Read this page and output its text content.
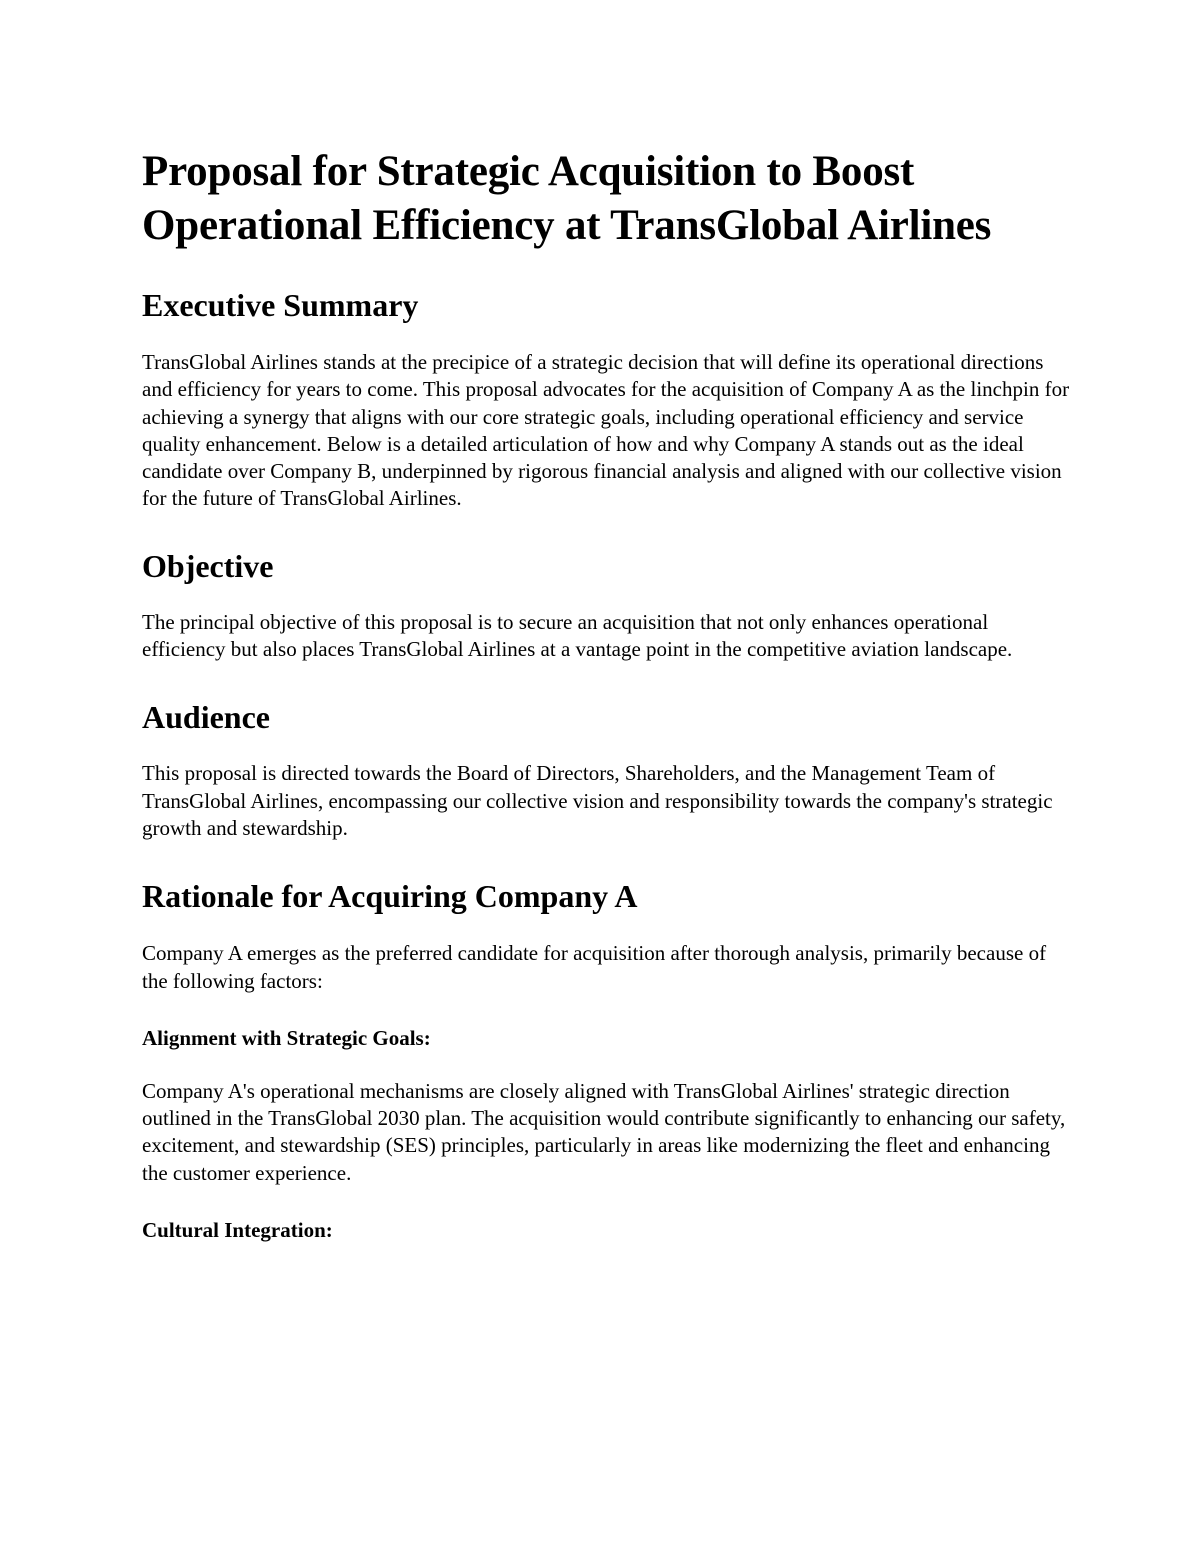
Proposal for Strategic Acquisition to Boost Operational Efficiency at TransGlobal Airlines
Executive Summary

TransGlobal Airlines stands at the precipice of a strategic decision that will define its operational directions and efficiency for years to come. This proposal advocates for the acquisition of Company A as the linchpin for achieving a synergy that aligns with our core strategic goals, including operational efficiency and service quality enhancement. Below is a detailed articulation of how and why Company A stands out as the ideal candidate over Company B, underpinned by rigorous financial analysis and aligned with our collective vision for the future of TransGlobal Airlines.

Objective

The principal objective of this proposal is to secure an acquisition that not only enhances operational efficiency but also places TransGlobal Airlines at a vantage point in the competitive aviation landscape.

Audience

This proposal is directed towards the Board of Directors, Shareholders, and the Management Team of TransGlobal Airlines, encompassing our collective vision and responsibility towards the company's strategic growth and stewardship.

Rationale for Acquiring Company A

Company A emerges as the preferred candidate for acquisition after thorough analysis, primarily because of the following factors:

Alignment with Strategic Goals:

Company A's operational mechanisms are closely aligned with TransGlobal Airlines' strategic direction outlined in the TransGlobal 2030 plan. The acquisition would contribute significantly to enhancing our safety, excitement, and stewardship (SES) principles, particularly in areas like modernizing the fleet and enhancing the customer experience.

Cultural Integration:
